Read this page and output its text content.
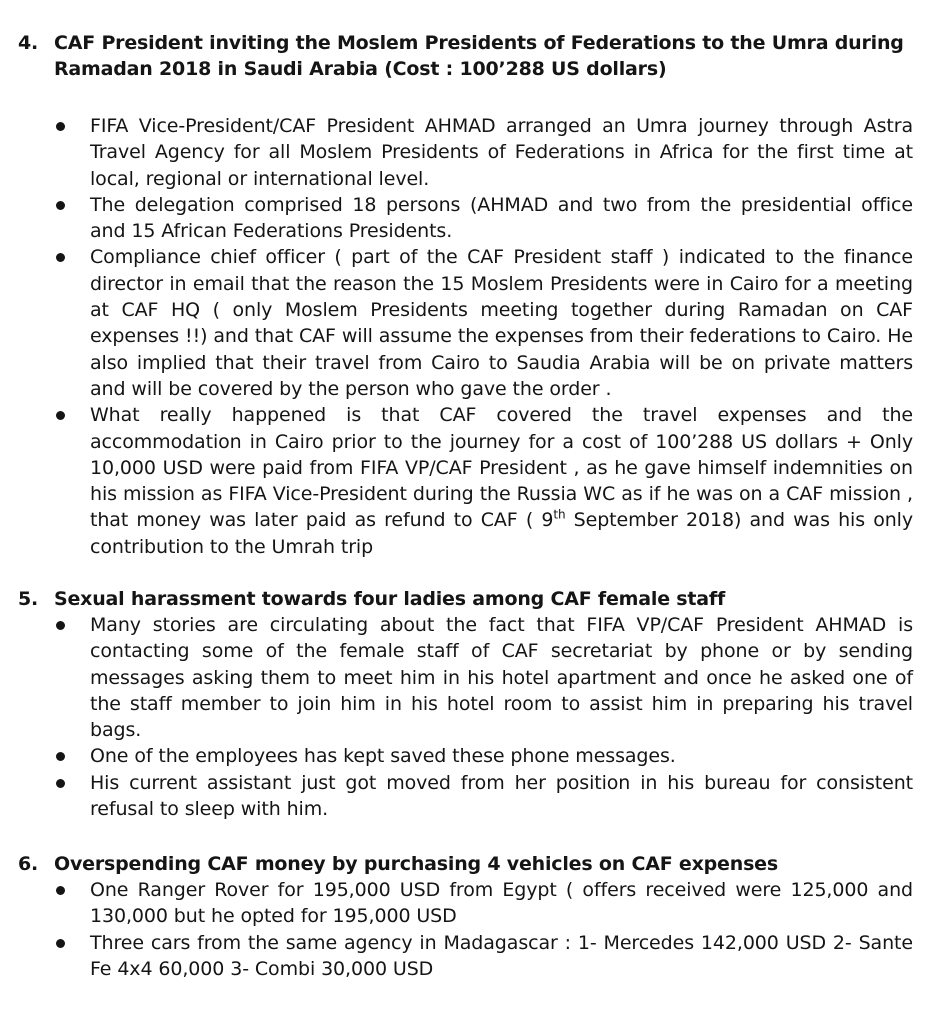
4. CAF President inviting the Moslem Presidents of Federations to the Umra during Ramadan 2018 in Saudi Arabia (Cost : 100’288 US dollars)
FIFA Vice-President/CAF President AHMAD arranged an Umra journey through Astra Travel Agency for all Moslem Presidents of Federations in Africa for the first time at local, regional or international level.
The delegation comprised 18 persons (AHMAD and two from the presidential office and 15 African Federations Presidents.
Compliance chief officer ( part of the CAF President staff ) indicated to the finance director in email that the reason the 15 Moslem Presidents were in Cairo for a meeting at CAF HQ ( only Moslem Presidents meeting together during Ramadan on CAF expenses !!) and that CAF will assume the expenses from their federations to Cairo. He also implied that their travel from Cairo to Saudia Arabia will be on private matters and will be covered by the person who gave the order .
What really happened is that CAF covered the travel expenses and the accommodation in Cairo prior to the journey for a cost of 100’288 US dollars + Only 10,000 USD were paid from FIFA VP/CAF President , as he gave himself indemnities on his mission as FIFA Vice-President during the Russia WC as if he was on a CAF mission , that money was later paid as refund to CAF ( 9th September 2018) and was his only contribution to the Umrah trip
5. Sexual harassment towards four ladies among CAF female staff
Many stories are circulating about the fact that FIFA VP/CAF President AHMAD is contacting some of the female staff of CAF secretariat by phone or by sending messages asking them to meet him in his hotel apartment and once he asked one of the staff member to join him in his hotel room to assist him in preparing his travel bags.
One of the employees has kept saved these phone messages.
His current assistant just got moved from her position in his bureau for consistent refusal to sleep with him.
6. Overspending CAF money by purchasing 4 vehicles on CAF expenses
One Ranger Rover for 195,000 USD from Egypt ( offers received were 125,000 and 130,000 but he opted for 195,000 USD
Three cars from the same agency in Madagascar : 1- Mercedes 142,000 USD 2- Sante Fe 4x4 60,000 3- Combi 30,000 USD
